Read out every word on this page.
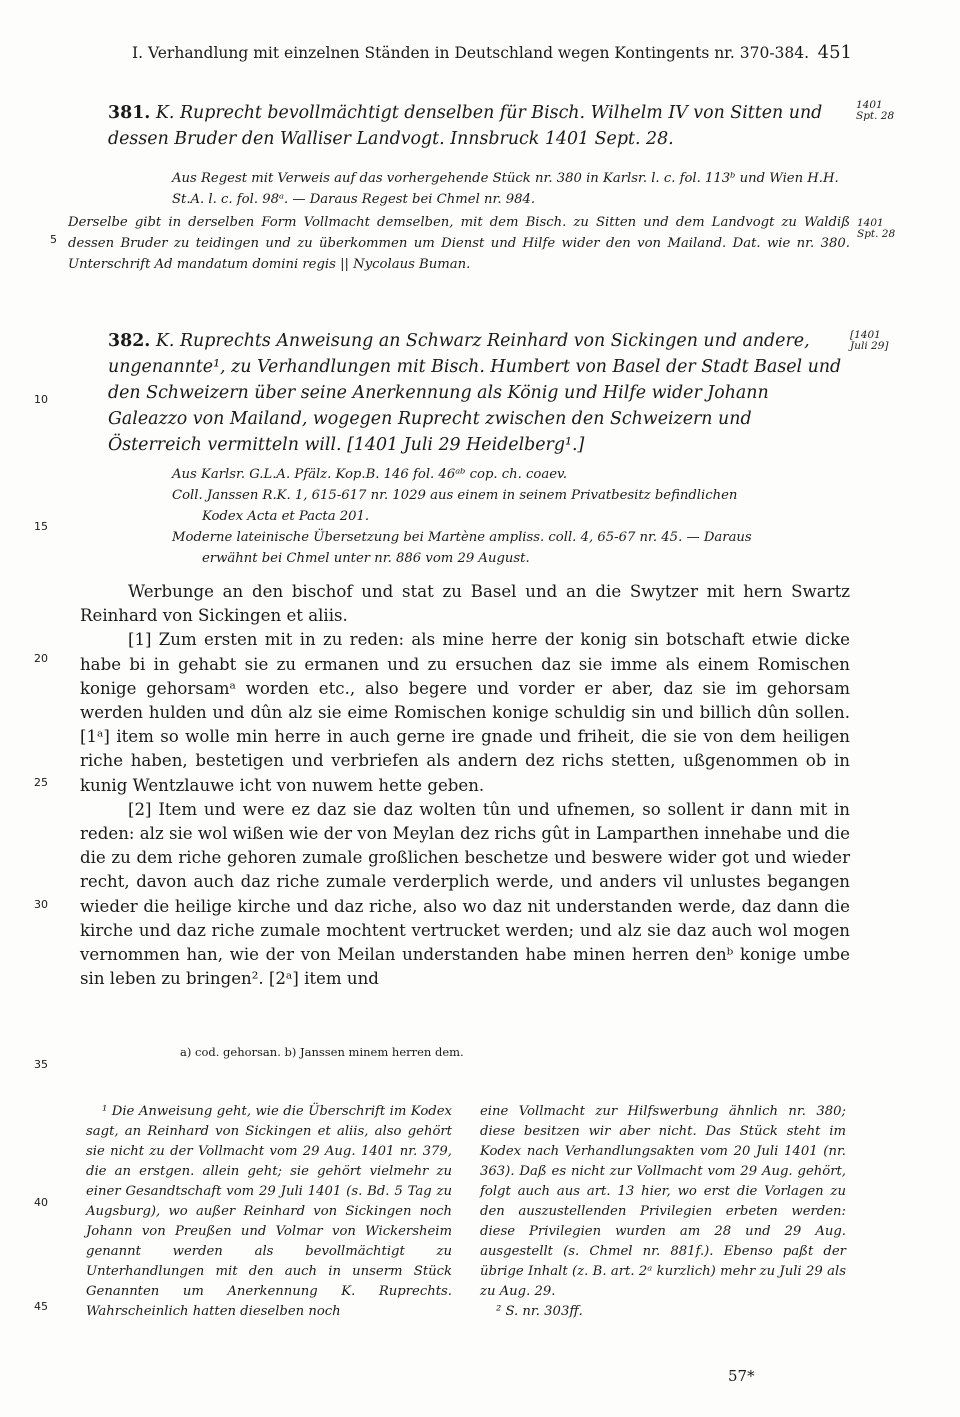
I. Verhandlung mit einzelnen Ständen in Deutschland wegen Kontingents nr. 370-384. 451
381. K. Ruprecht bevollmächtigt denselben für Bisch. Wilhelm IV von Sitten und dessen Bruder den Walliser Landvogt. Innsbruck 1401 Sept. 28.
1401
Spt. 28
Aus Regest mit Verweis auf das vorhergehende Stück nr. 380 in Karlsr. l. c. fol. 113ᵇ und Wien H.H. St.A. l. c. fol. 98ᵃ. — Daraus Regest bei Chmel nr. 984.
Derselbe gibt in derselben Form Vollmacht demselben, mit dem Bisch. zu Sitten und dem Landvogt zu Waldiß dessen Bruder zu teidingen und zu überkommen um Dienst und Hilfe wider den von Mailand. Dat. wie nr. 380. Unterschrift Ad mandatum domini regis || Nycolaus Buman.
1401
Spt. 28
382. K. Ruprechts Anweisung an Schwarz Reinhard von Sickingen und andere, ungenannte¹, zu Verhandlungen mit Bisch. Humbert von Basel der Stadt Basel und den Schweizern über seine Anerkennung als König und Hilfe wider Johann Galeazzo von Mailand, wogegen Ruprecht zwischen den Schweizern und Österreich vermitteln will. [1401 Juli 29 Heidelberg¹.]
[1401
Juli 29]

Aus Karlsr. G.L.A. Pfälz. Kop.B. 146 fol. 46ᵃᵇ cop. ch. coaev.

Coll. Janssen R.K. 1, 615-617 nr. 1029 aus einem in seinem Privatbesitz befindlichen

Kodex Acta et Pacta 201.

Moderne lateinische Übersetzung bei Martène ampliss. coll. 4, 65-67 nr. 45. — Daraus

erwähnt bei Chmel unter nr. 886 vom 29 August.

Werbunge an den bischof und stat zu Basel und an die Swytzer mit hern Swartz Reinhard von Sickingen et aliis.

[1] Zum ersten mit in zu reden: als mine herre der konig sin botschaft etwie dicke habe bi in gehabt sie zu ermanen und zu ersuchen daz sie imme als einem Romischen konige gehorsamᵃ worden etc., also begere und vorder er aber, daz sie im gehorsam werden hulden und dûn alz sie eime Romischen konige schuldig sin und billich dûn sollen. [1ᵃ] item so wolle min herre in auch gerne ire gnade und friheit, die sie von dem heiligen riche haben, bestetigen und verbriefen als andern dez richs stetten, ußgenommen ob in kunig Wentzlauwe icht von nuwem hette geben.

[2] Item und were ez daz sie daz wolten tûn und ufnemen, so sollent ir dann mit in reden: alz sie wol wißen wie der von Meylan dez richs gût in Lamparthen innehabe und die die zu dem riche gehoren zumale großlichen beschetze und beswere wider got und wieder recht, davon auch daz riche zumale verderplich werde, und anders vil unlustes begangen wieder die heilige kirche und daz riche, also wo daz nit understanden werde, daz dann die kirche und daz riche zumale mochtent vertrucket werden; und alz sie daz auch wol mogen vernommen han, wie der von Meilan understanden habe minen herren denᵇ konige umbe sin leben zu bringen². [2ᵃ] item und

5
10
15
20
25
30
35
40
45
a) cod. gehorsan. b) Janssen minem herren dem.

¹ Die Anweisung geht, wie die Überschrift im Kodex sagt, an Reinhard von Sickingen et aliis, also gehört sie nicht zu der Vollmacht vom 29 Aug. 1401 nr. 379, die an erstgen. allein geht; sie gehört vielmehr zu einer Gesandtschaft vom 29 Juli 1401 (s. Bd. 5 Tag zu Augsburg), wo außer Reinhard von Sickingen noch Johann von Preußen und Volmar von Wickersheim genannt werden als bevollmächtigt zu Unterhandlungen mit den auch in unserm Stück Genannten um Anerkennung K. Ruprechts. Wahrscheinlich hatten dieselben noch

eine Vollmacht zur Hilfswerbung ähnlich nr. 380; diese besitzen wir aber nicht. Das Stück steht im Kodex nach Verhandlungsakten vom 20 Juli 1401 (nr. 363). Daß es nicht zur Vollmacht vom 29 Aug. gehört, folgt auch aus art. 13 hier, wo erst die Vorlagen zu den auszustellenden Privilegien erbeten werden: diese Privilegien wurden am 28 und 29 Aug. ausgestellt (s. Chmel nr. 881f.). Ebenso paßt der übrige Inhalt (z. B. art. 2ᵃ kurzlich) mehr zu Juli 29 als zu Aug. 29.

² S. nr. 303ff.

57*
